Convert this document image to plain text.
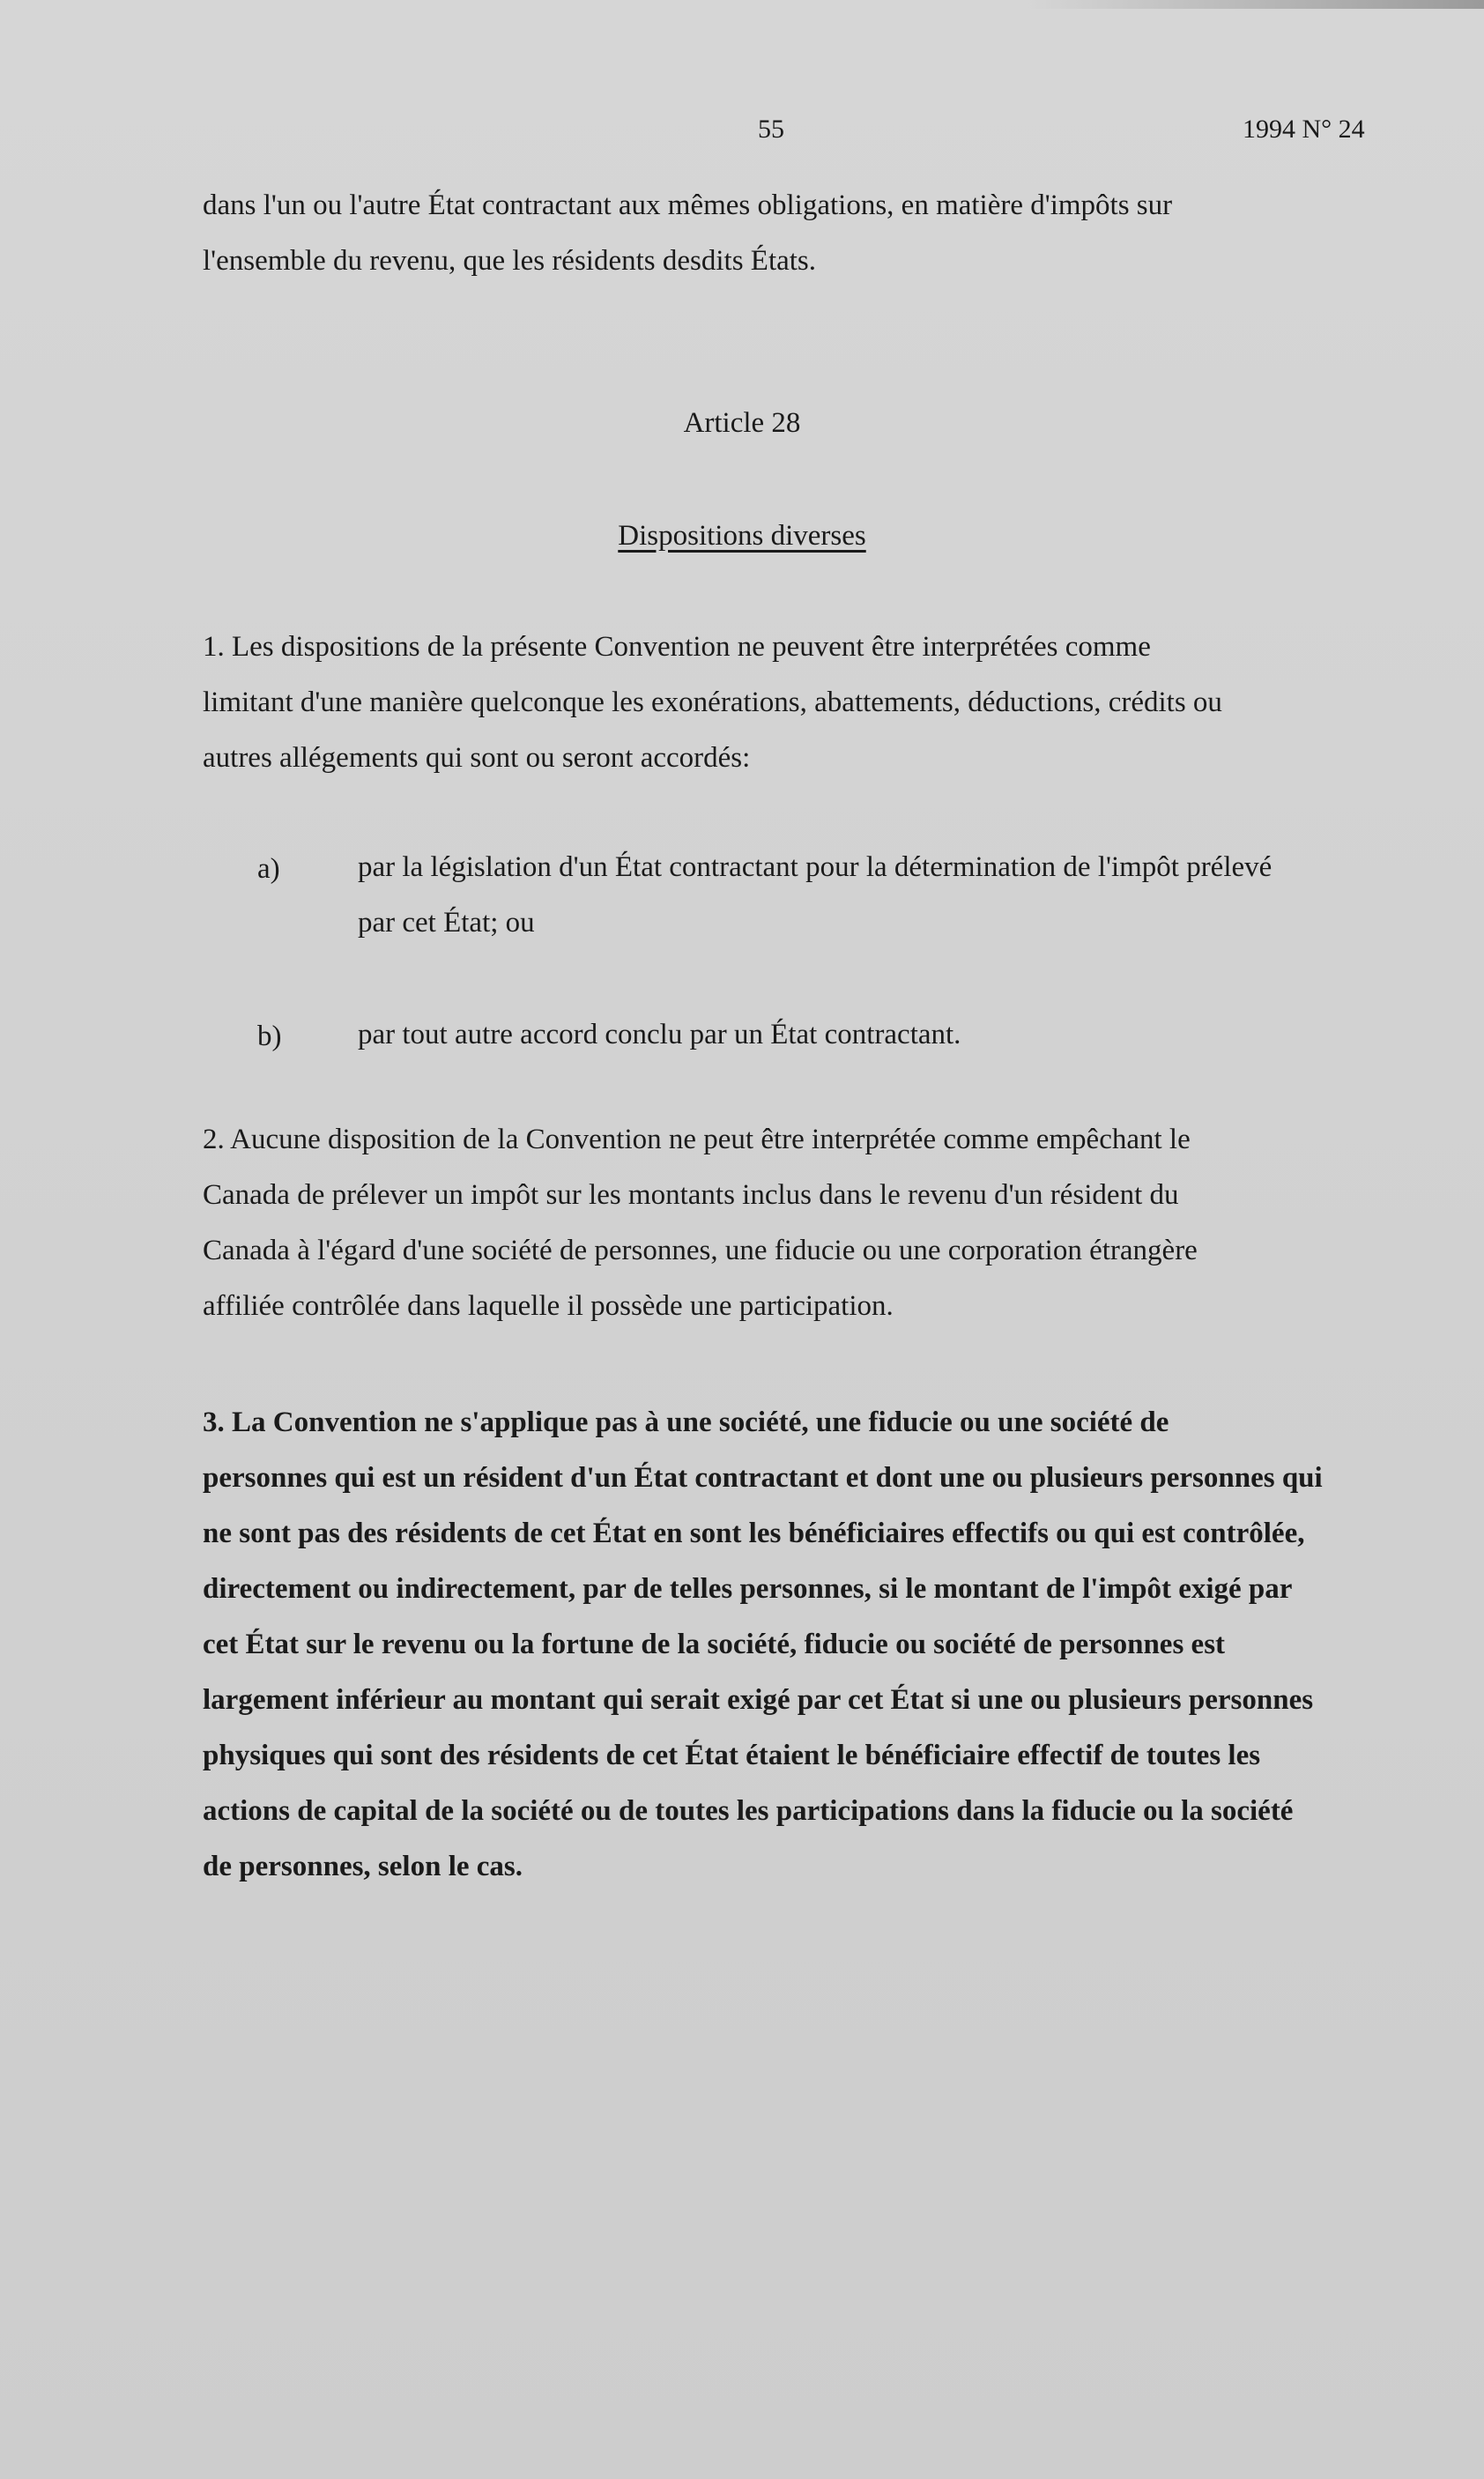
55	1994 N° 24
dans l'un ou l'autre État contractant aux mêmes obligations, en matière d'impôts sur
l'ensemble du revenu, que les résidents desdits États.
Article 28
Dispositions diverses
1. Les dispositions de la présente Convention ne peuvent être interprétées comme
limitant d'une manière quelconque les exonérations, abattements, déductions, crédits ou
autres allégements qui sont ou seront accordés:
a)	par la législation d'un État contractant pour la détermination de l'impôt prélevé
par cet État; ou
b)	par tout autre accord conclu par un État contractant.
2. Aucune disposition de la Convention ne peut être interprétée comme empêchant le
Canada de prélever un impôt sur les montants inclus dans le revenu d'un résident du
Canada à l'égard d'une société de personnes, une fiducie ou une corporation étrangère
affiliée contrôlée dans laquelle il possède une participation.
3. La Convention ne s'applique pas à une société, une fiducie ou une société de
personnes qui est un résident d'un État contractant et dont une ou plusieurs personnes qui
ne sont pas des résidents de cet État en sont les bénéficiaires effectifs ou qui est contrôlée,
directement ou indirectement, par de telles personnes, si le montant de l'impôt exigé par
cet État sur le revenu ou la fortune de la société, fiducie ou société de personnes est
largement inférieur au montant qui serait exigé par cet État si une ou plusieurs personnes
physiques qui sont des résidents de cet État étaient le bénéficiaire effectif de toutes les
actions de capital de la société ou de toutes les participations dans la fiducie ou la société
de personnes, selon le cas.
